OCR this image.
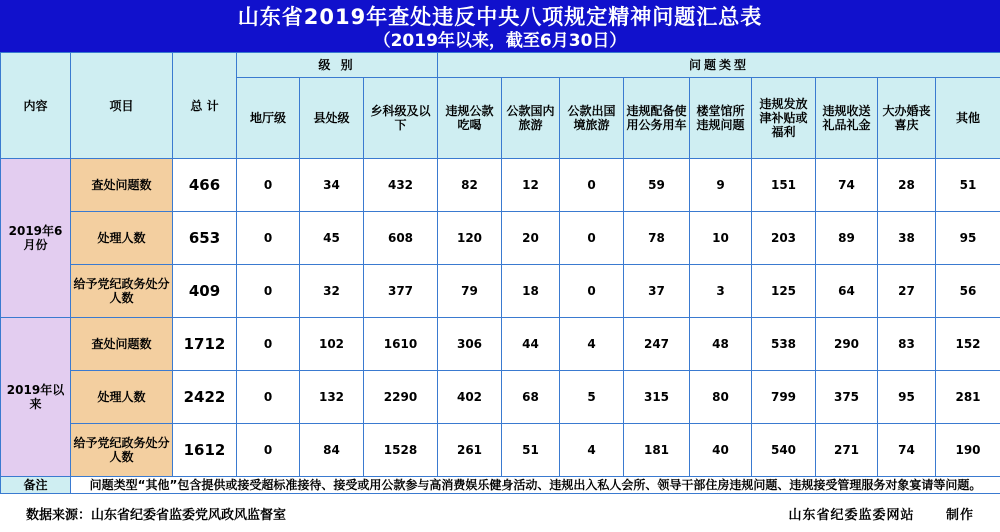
山东省2019年查处违反中央八项规定精神问题汇总表
（2019年以来，截至6月30日）
内容	项目	总 计	级 别			问题类型								
			地厅级	县处级	乡科级及以下	违规公款吃喝	公款国内旅游	公款出国境旅游	违规配备使用公务用车	楼堂馆所违规问题	违规发放津补贴或福利	违规收送礼品礼金	大办婚丧喜庆	其他
2019年6月份	查处问题数	466	0	34	432	82	12	0	59	9	151	74	28	51
	处理人数	653	0	45	608	120	20	0	78	10	203	89	38	95
	给予党纪政务处分人数	409	0	32	377	79	18	0	37	3	125	64	27	56
2019年以来	查处问题数	1712	0	102	1610	306	44	4	247	48	538	290	83	152
	处理人数	2422	0	132	2290	402	68	5	315	80	799	375	95	281
	给予党纪政务处分人数	1612	0	84	1528	261	51	4	181	40	540	271	74	190
备注	问题类型“其他”包含提供或接受超标准接待、接受或用公款参与高消费娱乐健身活动、违规出入私人会所、领导干部住房违规问题、违规接受管理服务对象宴请等问题。													
数据来源：山东省纪委省监委党风政风监督室	山东省纪委监委网站 制作
